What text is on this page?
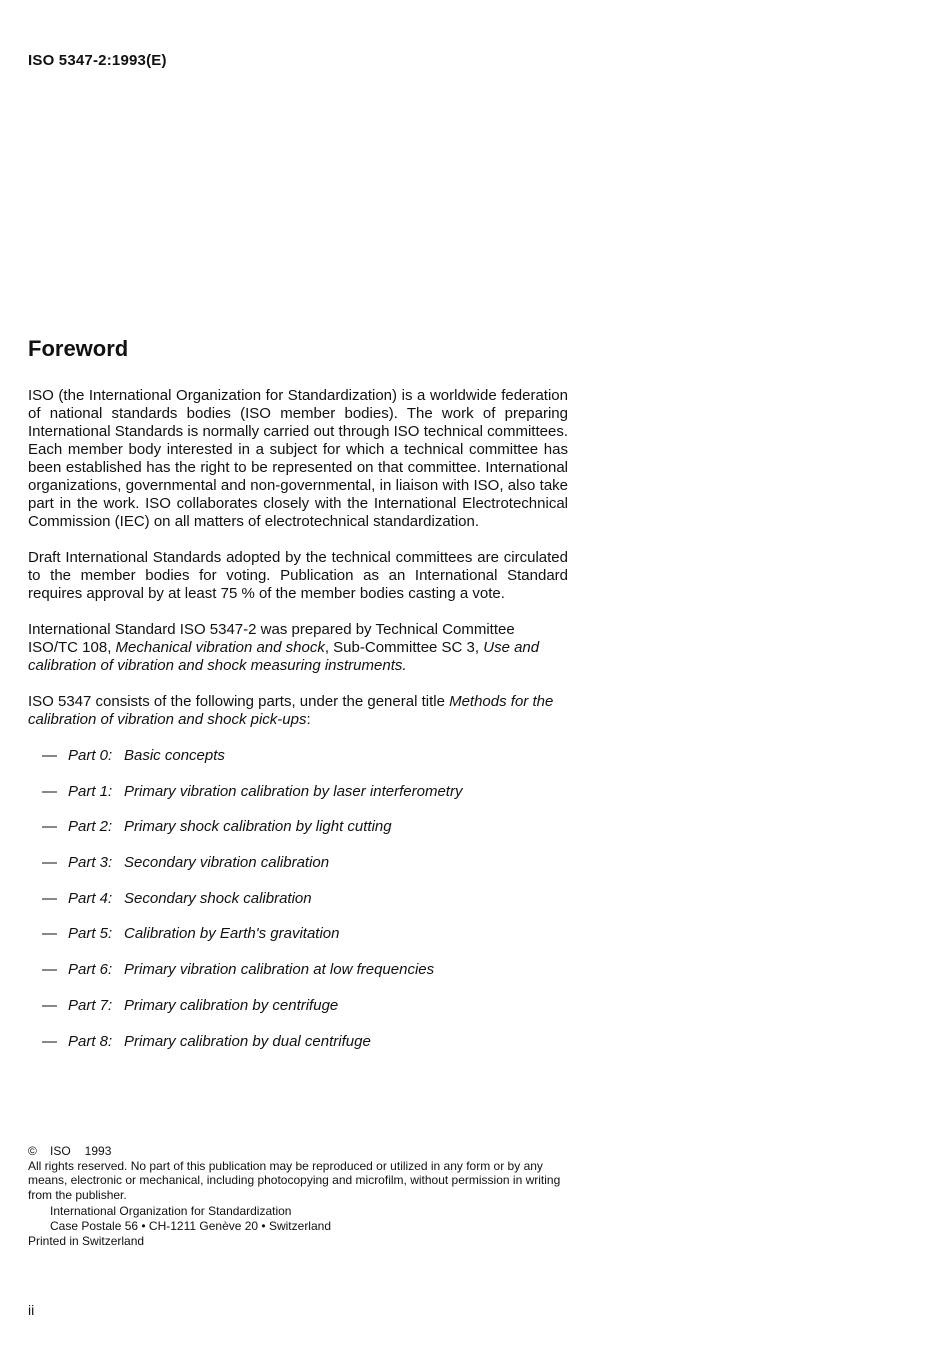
ISO 5347-2:1993(E)
Foreword

ISO (the International Organization for Standardization) is a worldwide federation of national standards bodies (ISO member bodies). The work of preparing International Standards is normally carried out through ISO technical committees. Each member body interested in a subject for which a technical committee has been established has the right to be represented on that committee. International organizations, governmental and non-governmental, in liaison with ISO, also take part in the work. ISO collaborates closely with the International Electrotechnical Commission (IEC) on all matters of electrotechnical standardization.

Draft International Standards adopted by the technical committees are circulated to the member bodies for voting. Publication as an International Standard requires approval by at least 75 % of the member bodies casting a vote.

International Standard ISO 5347-2 was prepared by Technical Committee ISO/TC 108, Mechanical vibration and shock, Sub-Committee SC 3, Use and calibration of vibration and shock measuring instruments.

ISO 5347 consists of the following parts, under the general title Methods for the calibration of vibration and shock pick-ups:

— Part 0: Basic concepts
— Part 1: Primary vibration calibration by laser interferometry
— Part 2: Primary shock calibration by light cutting
— Part 3: Secondary vibration calibration
— Part 4: Secondary shock calibration
— Part 5: Calibration by Earth's gravitation
— Part 6: Primary vibration calibration at low frequencies
— Part 7: Primary calibration by centrifuge
— Part 8: Primary calibration by dual centrifuge
© ISO 1993

All rights reserved. No part of this publication may be reproduced or utilized in any form or by any means, electronic or mechanical, including photocopying and microfilm, without permission in writing from the publisher.

International Organization for Standardization
Case Postale 56 • CH-1211 Genève 20 • Switzerland
Printed in Switzerland
ii
